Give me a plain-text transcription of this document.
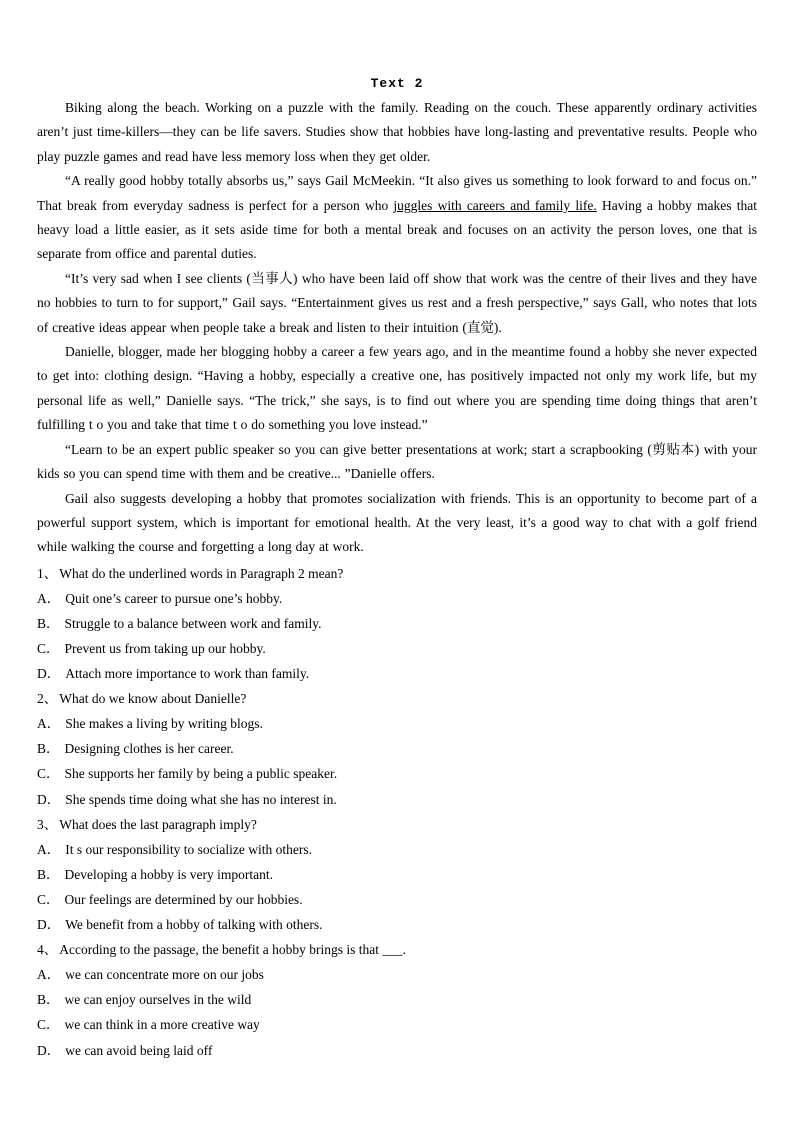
Text 2

Biking along the beach. Working on a puzzle with the family. Reading on the couch. These apparently ordinary activities aren’t just time-killers—they can be life savers. Studies show that hobbies have long-lasting and preventative results. People who play puzzle games and read have less memory loss when they get older.

“A really good hobby totally absorbs us,” says Gail McMeekin. “It also gives us something to look forward to and focus on.” That break from everyday sadness is perfect for a person who juggles with careers and family life. Having a hobby makes that heavy load a little easier, as it sets aside time for both a mental break and focuses on an activity the person loves, one that is separate from office and parental duties.

“It’s very sad when I see clients (当事人) who have been laid off show that work was the centre of their lives and they have no hobbies to turn to for support,” Gail says. “Entertainment gives us rest and a fresh perspective,” says Gall, who notes that lots of creative ideas appear when people take a break and listen to their intuition (直觉).

Danielle, blogger, made her blogging hobby a career a few years ago, and in the meantime found a hobby she never expected to get into: clothing design. “Having a hobby, especially a creative one, has positively impacted not only my work life, but my personal life as well,” Danielle says. “The trick,” she says, is to find out where you are spending time doing things that aren’t fulfilling t o you and take that time t o do something you love instead.”

“Learn to be an expert public speaker so you can give better presentations at work; start a scrapbooking (剪贴本) with your kids so you can spend time with them and be creative... ”Danielle offers.

Gail also suggests developing a hobby that promotes socialization with friends. This is an opportunity to become part of a powerful support system, which is important for emotional health. At the very least, it’s a good way to chat with a golf friend while walking the course and forgetting a long day at work.

1、 What do the underlined words in Paragraph 2 mean?
A． Quit one’s career to pursue one’s hobby.
B． Struggle to a balance between work and family.
C． Prevent us from taking up our hobby.
D． Attach more importance to work than family.
2、 What do we know about Danielle?
A． She makes a living by writing blogs.
B． Designing clothes is her career.
C． She supports her family by being a public speaker.
D． She spends time doing what she has no interest in.
3、 What does the last paragraph imply?
A． It s our responsibility to socialize with others.
B． Developing a hobby is very important.
C． Our feelings are determined by our hobbies.
D． We benefit from a hobby of talking with others.
4、 According to the passage, the benefit a hobby brings is that ___.
A． we can concentrate more on our jobs
B． we can enjoy ourselves in the wild
C． we can think in a more creative way
D． we can avoid being laid off
